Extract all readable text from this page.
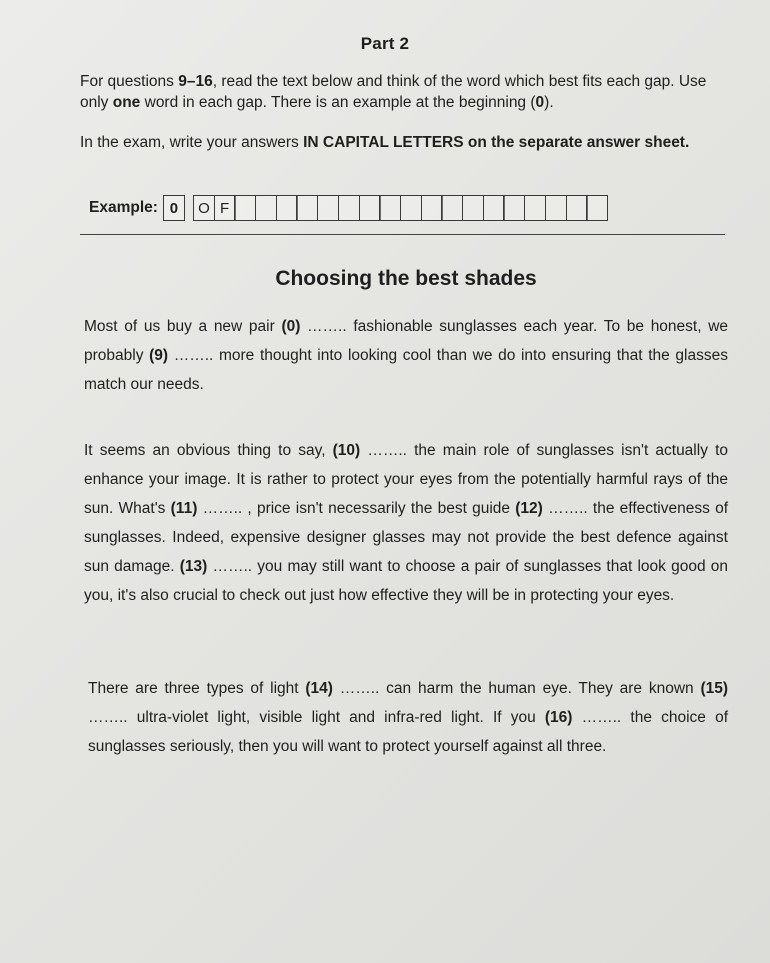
Part 2

For questions 9–16, read the text below and think of the word which best fits each gap. Use only one word in each gap. There is an example at the beginning (0).

In the exam, write your answers IN CAPITAL LETTERS on the separate answer sheet.

Example: 0	O F
Choosing the best shades

Most of us buy a new pair (0) …….. fashionable sunglasses each year. To be honest, we probably (9) …….. more thought into looking cool than we do into ensuring that the glasses match our needs.

It seems an obvious thing to say, (10) …….. the main role of sunglasses isn't actually to enhance your image. It is rather to protect your eyes from the potentially harmful rays of the sun. What's (11) …….. , price isn't necessarily the best guide (12) …….. the effectiveness of sunglasses. Indeed, expensive designer glasses may not provide the best defence against sun damage. (13) …….. you may still want to choose a pair of sunglasses that look good on you, it's also crucial to check out just how effective they will be in protecting your eyes.

There are three types of light (14) …….. can harm the human eye. They are known (15) …….. ultra-violet light, visible light and infra-red light. If you (16) …….. the choice of sunglasses seriously, then you will want to protect yourself against all three.
